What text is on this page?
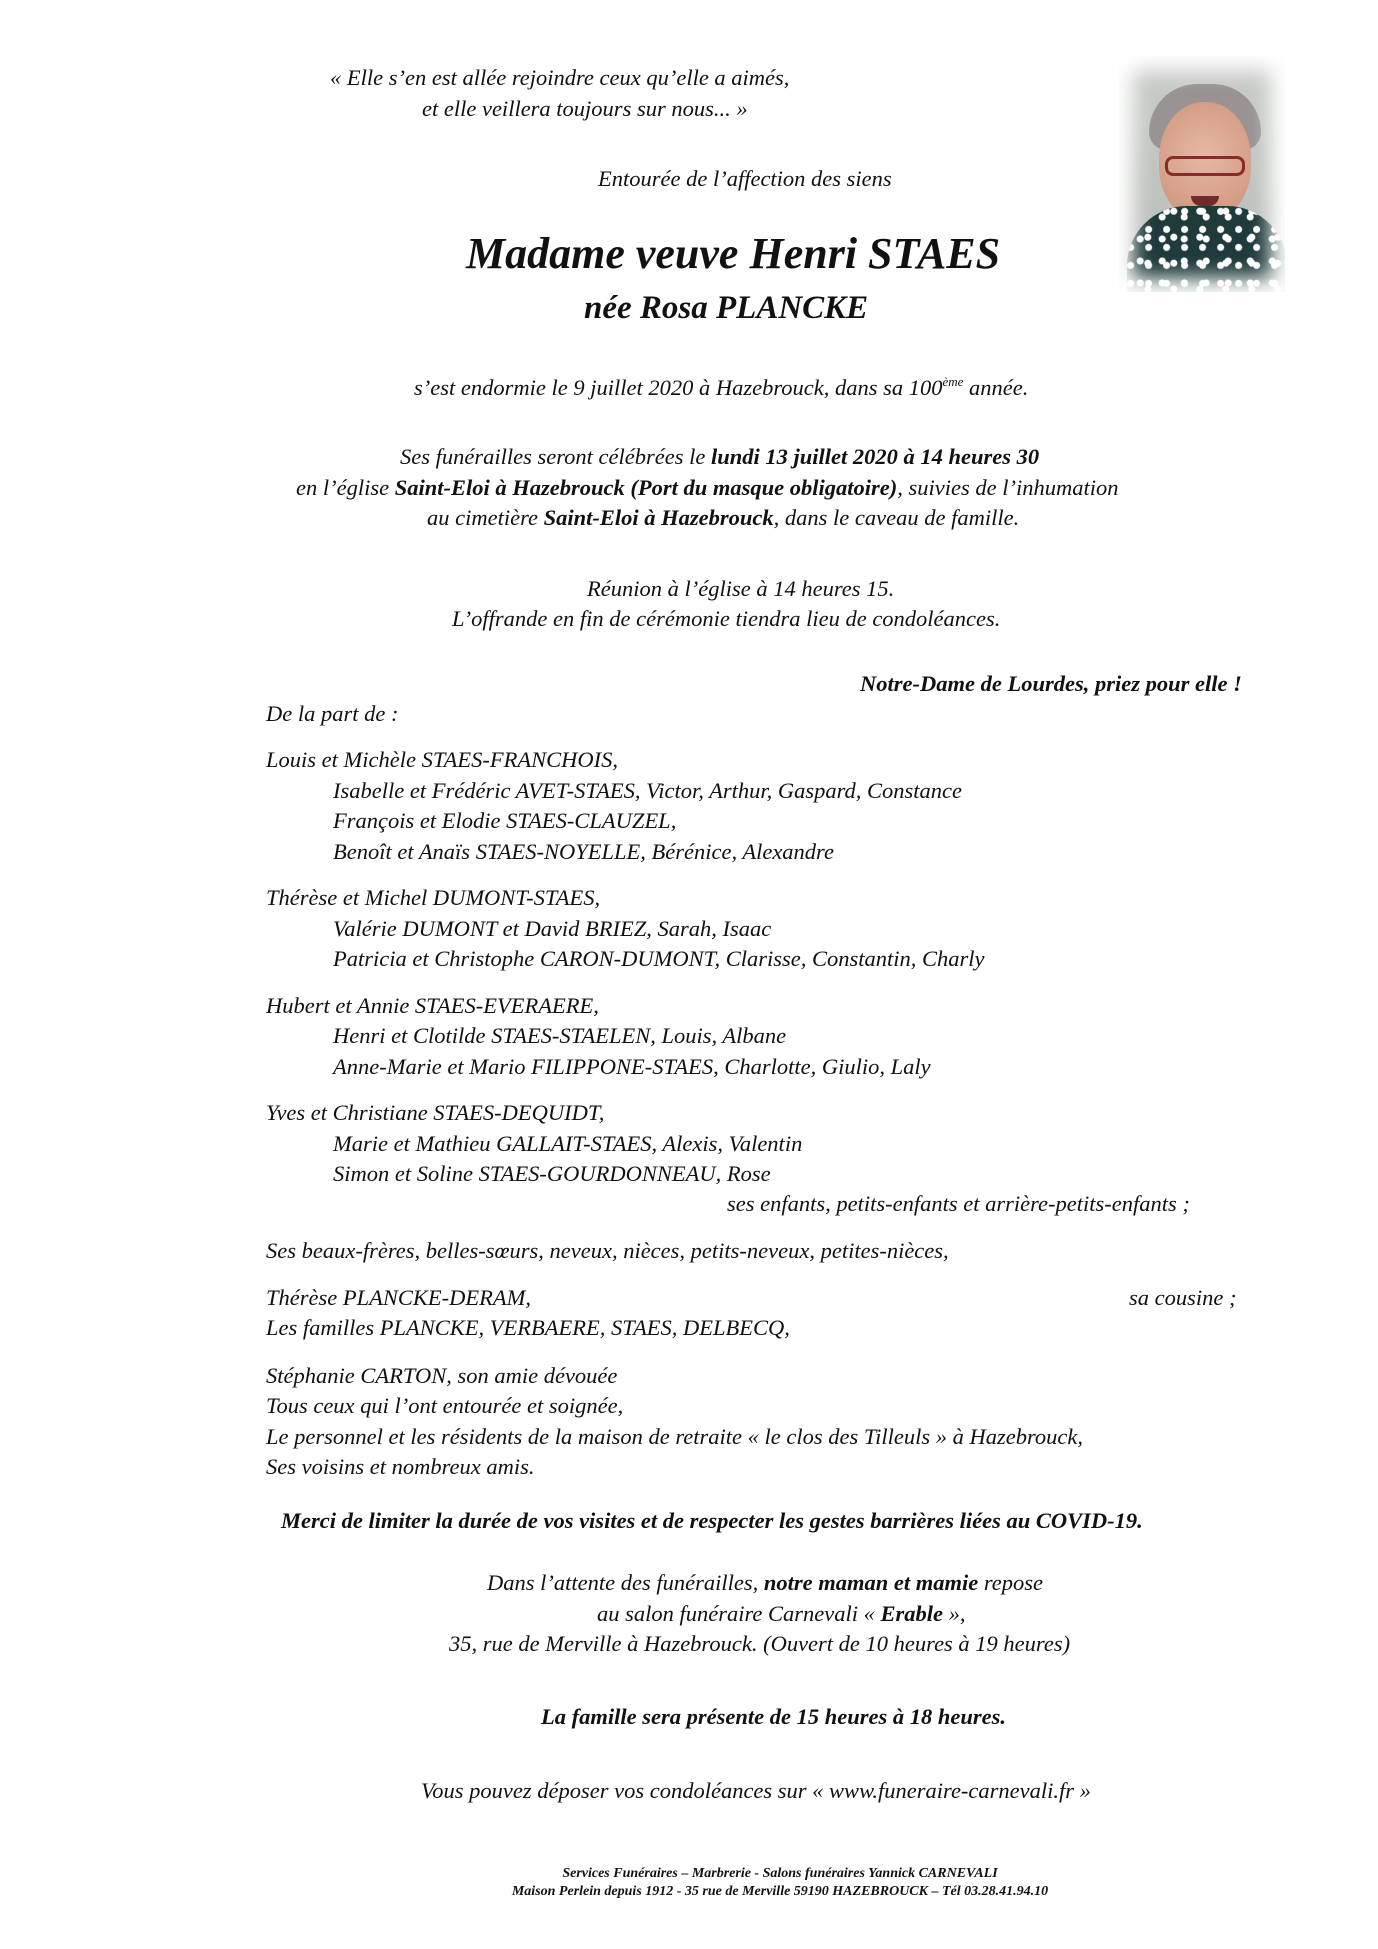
« Elle s’en est allée rejoindre ceux qu’elle a aimés,
et elle veillera toujours sur nous... »
Entourée de l’affection des siens
Madame veuve Henri STAES
née Rosa PLANCKE
s’est endormie le 9 juillet 2020 à Hazebrouck, dans sa 100ème année.
Ses funérailles seront célébrées le lundi 13 juillet 2020 à 14 heures 30
en l’église Saint-Eloi à Hazebrouck (Port du masque obligatoire), suivies de l’inhumation
au cimetière Saint-Eloi à Hazebrouck, dans le caveau de famille.
Réunion à l’église à 14 heures 15.
L’offrande en fin de cérémonie tiendra lieu de condoléances.
Notre-Dame de Lourdes, priez pour elle !
De la part de :
Louis et Michèle STAES-FRANCHOIS,
Isabelle et Frédéric AVET-STAES, Victor, Arthur, Gaspard, Constance
François et Elodie STAES-CLAUZEL,
Benoît et Anaïs STAES-NOYELLE, Bérénice, Alexandre
Thérèse et Michel DUMONT-STAES,
Valérie DUMONT et David BRIEZ, Sarah, Isaac
Patricia et Christophe CARON-DUMONT, Clarisse, Constantin, Charly
Hubert et Annie STAES-EVERAERE,
Henri et Clotilde STAES-STAELEN, Louis, Albane
Anne-Marie et Mario FILIPPONE-STAES, Charlotte, Giulio, Laly
Yves et Christiane STAES-DEQUIDT,
Marie et Mathieu GALLAIT-STAES, Alexis, Valentin
Simon et Soline STAES-GOURDONNEAU, Rose
ses enfants, petits-enfants et arrière-petits-enfants ;
Ses beaux-frères, belles-sœurs, neveux, nièces, petits-neveux, petites-nièces,
Thérèse PLANCKE-DERAM,	sa cousine ;
Les familles PLANCKE, VERBAERE, STAES, DELBECQ,
Stéphanie CARTON, son amie dévouée
Tous ceux qui l’ont entourée et soignée,
Le personnel et les résidents de la maison de retraite « le clos des Tilleuls » à Hazebrouck,
Ses voisins et nombreux amis.
Merci de limiter la durée de vos visites et de respecter les gestes barrières liées au COVID-19.
Dans l’attente des funérailles, notre maman et mamie repose
au salon funéraire Carnevali « Erable »,
35, rue de Merville à Hazebrouck. (Ouvert de 10 heures à 19 heures)
La famille sera présente de 15 heures à 18 heures.
Vous pouvez déposer vos condoléances sur « www.funeraire-carnevali.fr »
Services Funéraires – Marbrerie - Salons funéraires Yannick CARNEVALI
Maison Perlein depuis 1912 - 35 rue de Merville 59190 HAZEBROUCK – Tél 03.28.41.94.10
